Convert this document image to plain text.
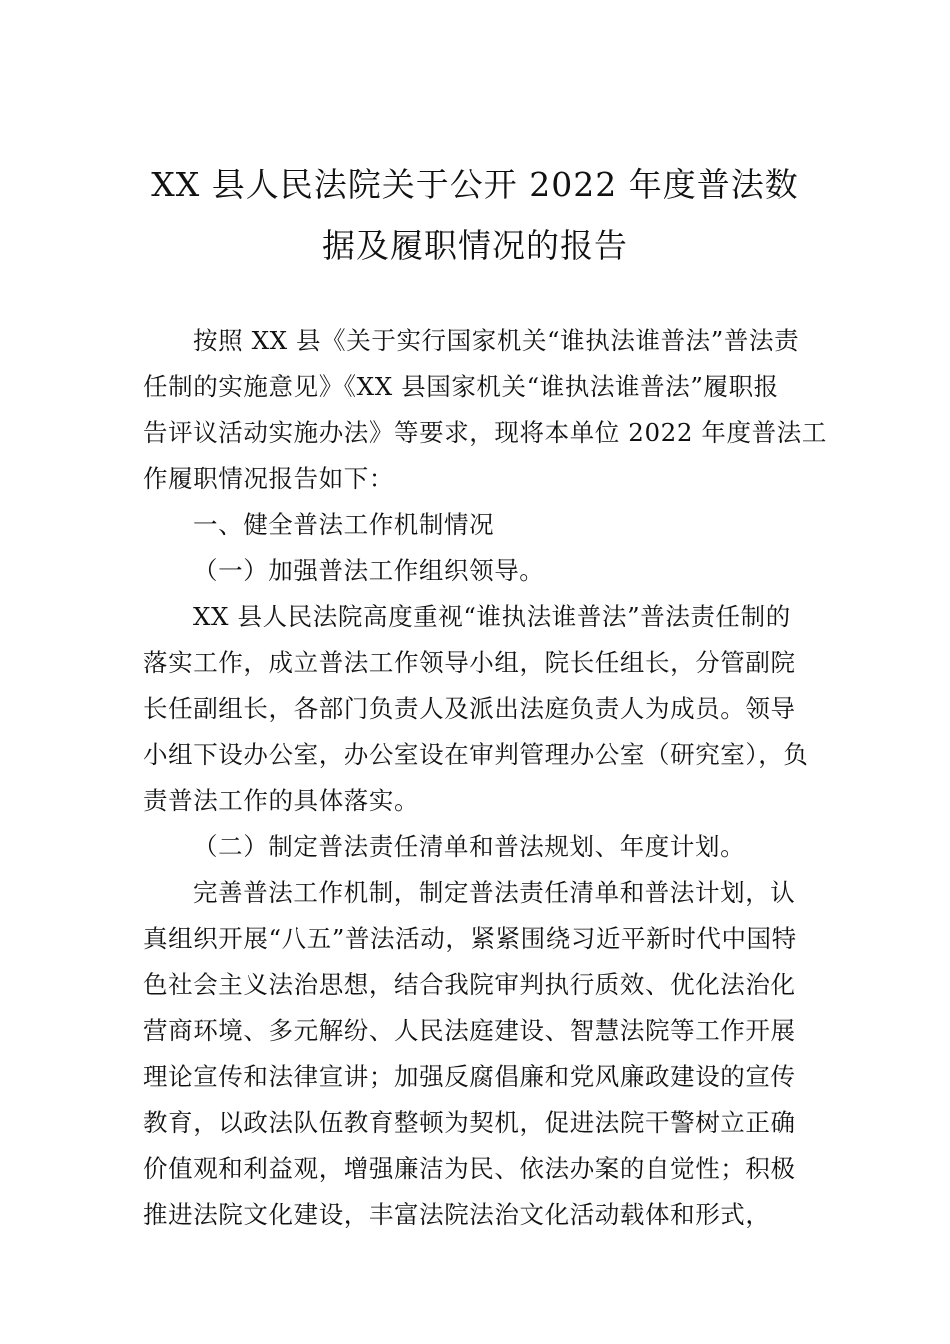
XX 县人民法院关于公开 2022 年度普法数
据及履职情况的报告
按照 XX 县《关于实行国家机关“谁执法谁普法”普法责
任制的实施意见》《XX 县国家机关“谁执法谁普法”履职报
告评议活动实施办法》等要求，现将本单位 2022 年度普法工
作履职情况报告如下：
一、健全普法工作机制情况
（一）加强普法工作组织领导。
XX 县人民法院高度重视“谁执法谁普法”普法责任制的
落实工作，成立普法工作领导小组，院长任组长，分管副院
长任副组长，各部门负责人及派出法庭负责人为成员。领导
小组下设办公室，办公室设在审判管理办公室（研究室），负
责普法工作的具体落实。
（二）制定普法责任清单和普法规划、年度计划。
完善普法工作机制，制定普法责任清单和普法计划，认
真组织开展“八五”普法活动，紧紧围绕习近平新时代中国特
色社会主义法治思想，结合我院审判执行质效、优化法治化
营商环境、多元解纷、人民法庭建设、智慧法院等工作开展
理论宣传和法律宣讲；加强反腐倡廉和党风廉政建设的宣传
教育，以政法队伍教育整顿为契机，促进法院干警树立正确
价值观和利益观，增强廉洁为民、依法办案的自觉性；积极
推进法院文化建设，丰富法院法治文化活动载体和形式，
